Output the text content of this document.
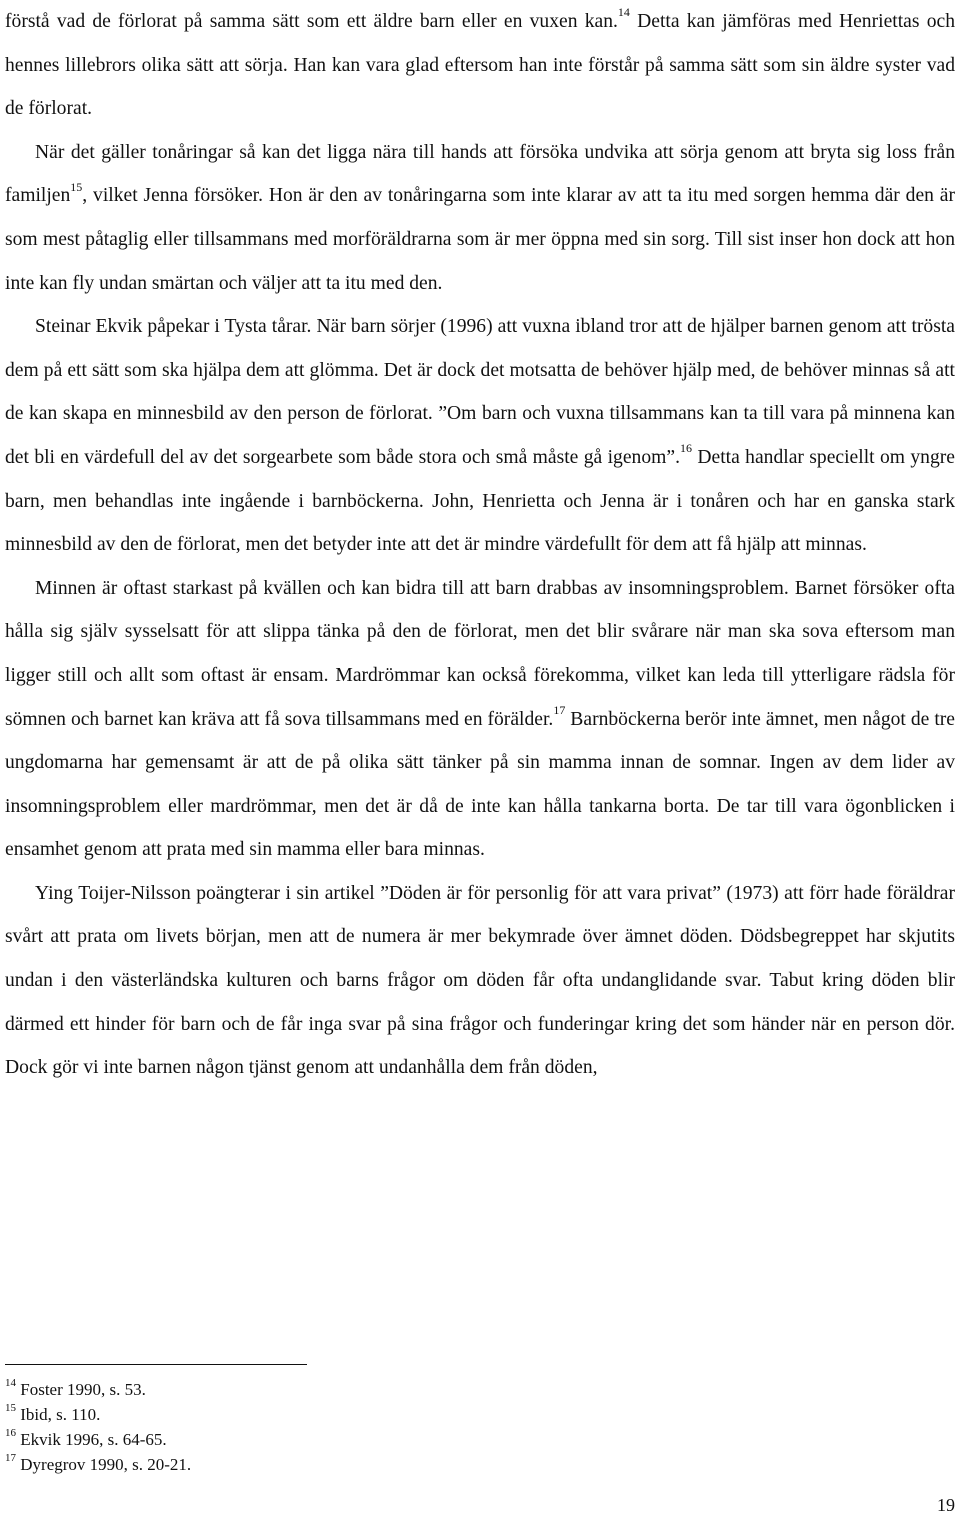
förstå vad de förlorat på samma sätt som ett äldre barn eller en vuxen kan.$^{14}$ Detta kan jämföras med Henriettas och hennes lillebrors olika sätt att sörja. Han kan vara glad eftersom han inte förstår på samma sätt som sin äldre syster vad de förlorat.

När det gäller tonåringar så kan det ligga nära till hands att försöka undvika att sörja genom att bryta sig loss från familjen$^{15}$, vilket Jenna försöker. Hon är den av tonåringarna som inte klarar av att ta itu med sorgen hemma där den är som mest påtaglig eller tillsammans med morföräldrarna som är mer öppna med sin sorg. Till sist inser hon dock att hon inte kan fly undan smärtan och väljer att ta itu med den.

Steinar Ekvik påpekar i Tysta tårar. När barn sörjer (1996) att vuxna ibland tror att de hjälper barnen genom att trösta dem på ett sätt som ska hjälpa dem att glömma. Det är dock det motsatta de behöver hjälp med, de behöver minnas så att de kan skapa en minnesbild av den person de förlorat. ”Om barn och vuxna tillsammans kan ta till vara på minnena kan det bli en värdefull del av det sorgearbete som både stora och små måste gå igenom”.$^{16}$ Detta handlar speciellt om yngre barn, men behandlas inte ingående i barnböckerna. John, Henrietta och Jenna är i tonåren och har en ganska stark minnesbild av den de förlorat, men det betyder inte att det är mindre värdefullt för dem att få hjälp att minnas.

Minnen är oftast starkast på kvällen och kan bidra till att barn drabbas av insomningsproblem. Barnet försöker ofta hålla sig själv sysselsatt för att slippa tänka på den de förlorat, men det blir svårare när man ska sova eftersom man ligger still och allt som oftast är ensam. Mardrömmar kan också förekomma, vilket kan leda till ytterligare rädsla för sömnen och barnet kan kräva att få sova tillsammans med en förälder.$^{17}$ Barnböckerna berör inte ämnet, men något de tre ungdomarna har gemensamt är att de på olika sätt tänker på sin mamma innan de somnar. Ingen av dem lider av insomningsproblem eller mardrömmar, men det är då de inte kan hålla tankarna borta. De tar till vara ögonblicken i ensamhet genom att prata med sin mamma eller bara minnas.

Ying Toijer-Nilsson poängterar i sin artikel ”Döden är för personlig för att vara privat” (1973) att förr hade föräldrar svårt att prata om livets början, men att de numera är mer bekymrade över ämnet döden. Dödsbegreppet har skjutits undan i den västerländska kulturen och barns frågor om döden får ofta undanglidande svar. Tabut kring döden blir därmed ett hinder för barn och de får inga svar på sina frågor och funderingar kring det som händer när en person dör. Dock gör vi inte barnen någon tjänst genom att undanhålla dem från döden,

$^{14}$ Foster 1990, s. 53.

$^{15}$ Ibid, s. 110.

$^{16}$ Ekvik 1996, s. 64-65.

$^{17}$ Dyregrov 1990, s. 20-21.

19
